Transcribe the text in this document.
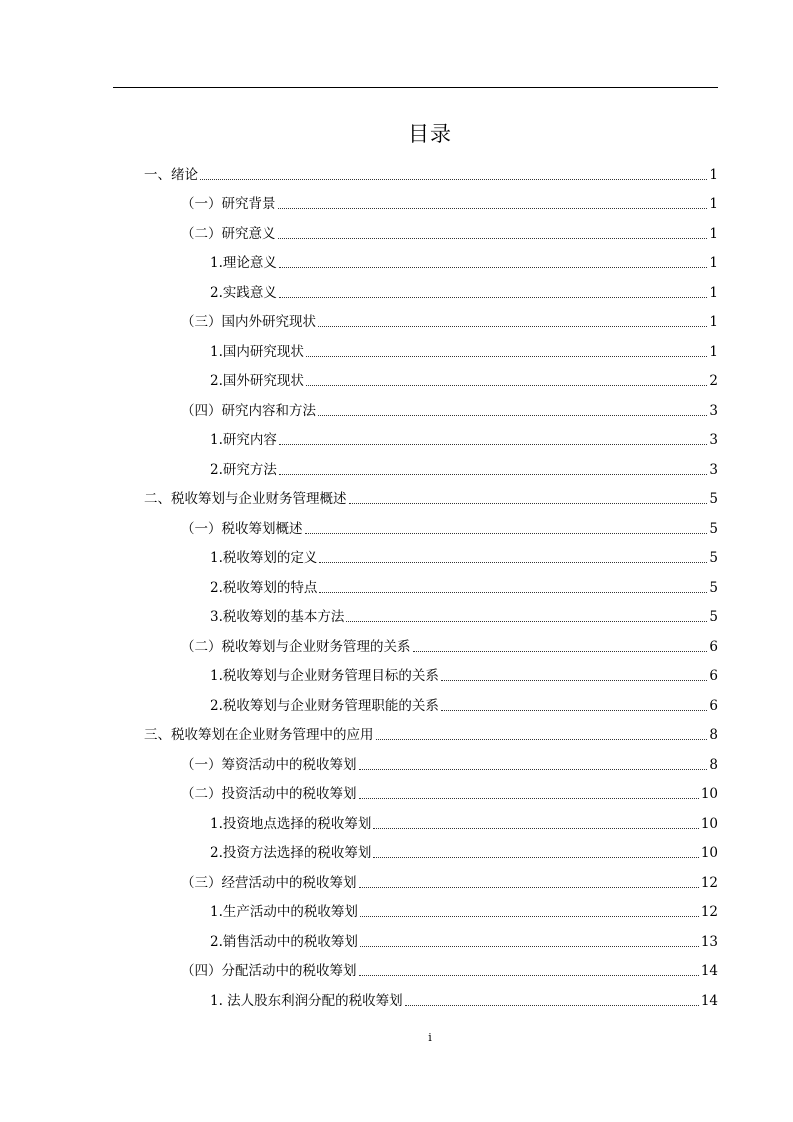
目录
一、绪论	1
（一）研究背景	1
（二）研究意义	1
1.理论意义	1
2.实践意义	1
（三）国内外研究现状	1
1.国内研究现状	1
2.国外研究现状	2
（四）研究内容和方法	3
1.研究内容	3
2.研究方法	3
二、税收筹划与企业财务管理概述	5
（一）税收筹划概述	5
1.税收筹划的定义	5
2.税收筹划的特点	5
3.税收筹划的基本方法	5
（二）税收筹划与企业财务管理的关系	6
1.税收筹划与企业财务管理目标的关系	6
2.税收筹划与企业财务管理职能的关系	6
三、税收筹划在企业财务管理中的应用	8
（一）筹资活动中的税收筹划	8
（二）投资活动中的税收筹划	10
1.投资地点选择的税收筹划	10
2.投资方法选择的税收筹划	10
（三）经营活动中的税收筹划	12
1.生产活动中的税收筹划	12
2.销售活动中的税收筹划	13
（四）分配活动中的税收筹划	14
1. 法人股东利润分配的税收筹划	14
i
